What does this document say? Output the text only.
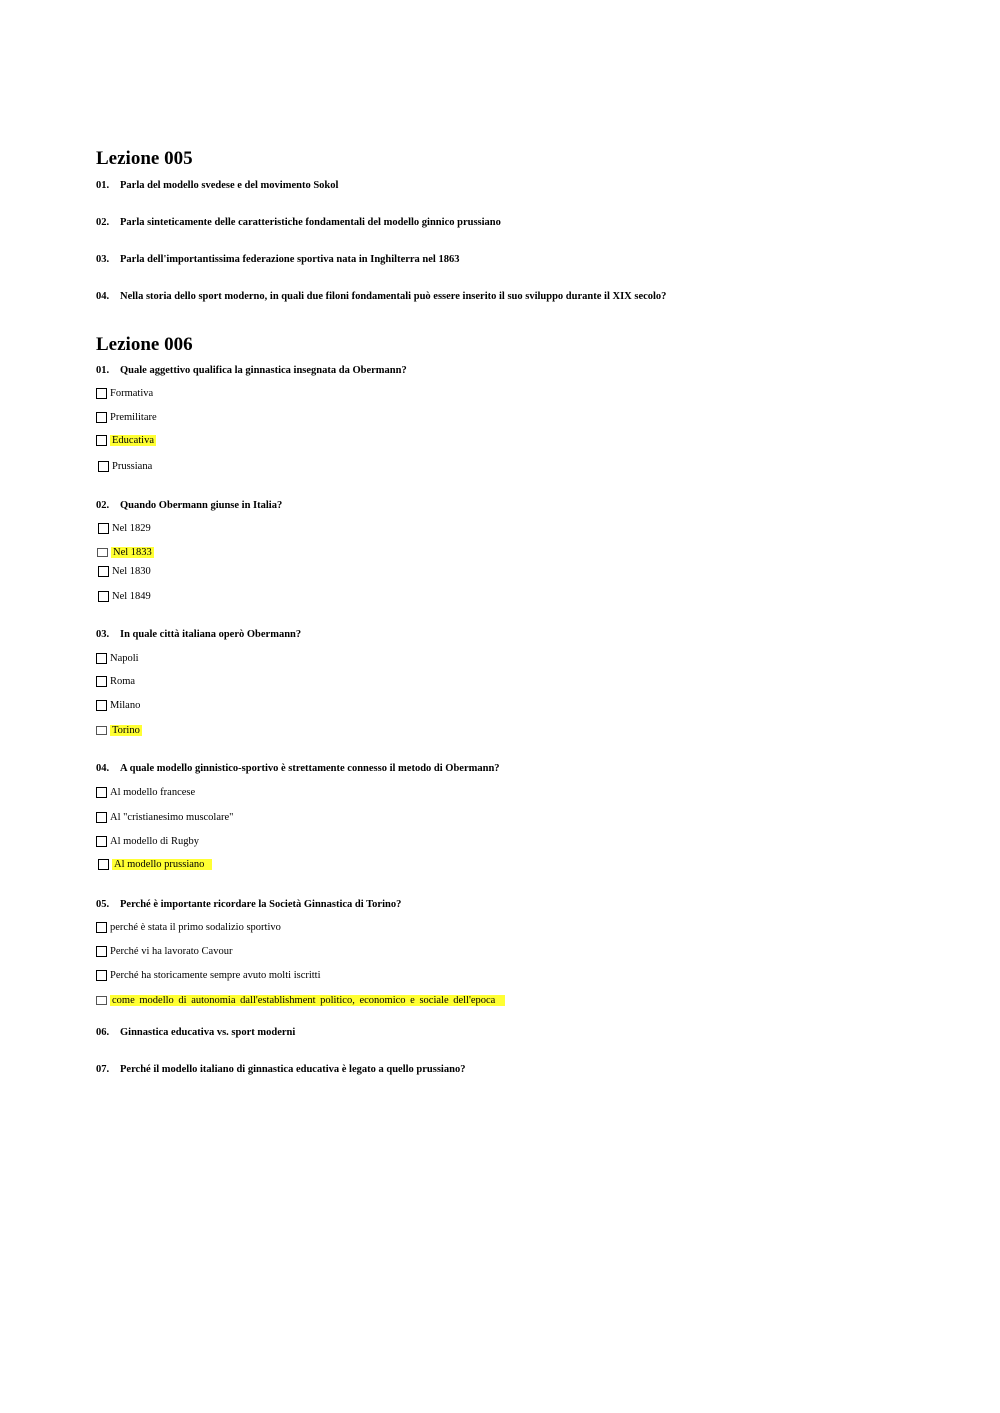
Lezione 005
01. Parla del modello svedese e del movimento Sokol
02. Parla sinteticamente delle caratteristiche fondamentali del modello ginnico prussiano
03. Parla dell'importantissima federazione sportiva nata in Inghilterra nel 1863
04. Nella storia dello sport moderno, in quali due filoni fondamentali può essere inserito il suo sviluppo durante il XIX secolo?
Lezione 006
01. Quale aggettivo qualifica la ginnastica insegnata da Obermann?
Formativa
Premilitare
Educativa
Prussiana
02. Quando Obermann giunse in Italia?
Nel 1829
Nel 1833
Nel 1830
Nel 1849
03. In quale città italiana operò Obermann?
Napoli
Roma
Milano
Torino
04. A quale modello ginnistico-sportivo è strettamente connesso il metodo di Obermann?
Al modello francese
Al "cristianesimo muscolare"
Al modello di Rugby
Al modello prussiano
05. Perché è importante ricordare la Società Ginnastica di Torino?
perché è stata il primo sodalizio sportivo
Perché vi ha lavorato Cavour
Perché ha storicamente sempre avuto molti iscritti
come modello di autonomia dall'establishment politico, economico e sociale dell'epoca
06. Ginnastica educativa vs. sport moderni
07. Perché il modello italiano di ginnastica educativa è legato a quello prussiano?
